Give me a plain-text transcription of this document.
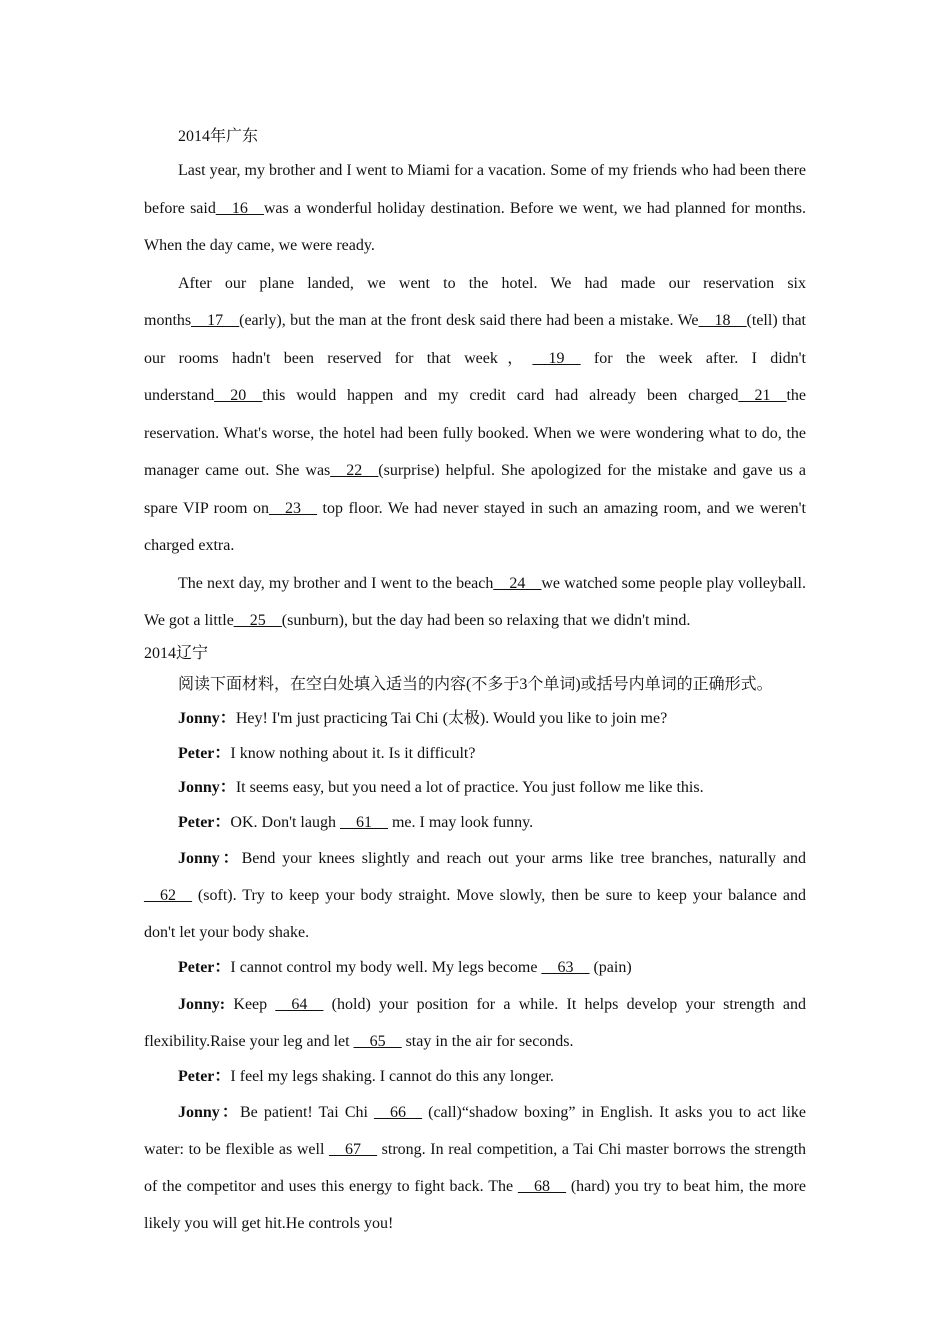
2014年广东

Last year, my brother and I went to Miami for a vacation. Some of my friends who had been there before said__16__was a wonderful holiday destination. Before we went, we had planned for months. When the day came, we were ready.

After our plane landed, we went to the hotel. We had made our reservation six months__17__(early), but the man at the front desk said there had been a mistake. We__18__(tell) that our rooms hadn't been reserved for that week，__19__ for the week after. I didn't understand__20__this would happen and my credit card had already been charged__21__the reservation. What's worse, the hotel had been fully booked. When we were wondering what to do, the manager came out. She was__22__(surprise) helpful. She apologized for the mistake and gave us a spare VIP room on__23__ top floor. We had never stayed in such an amazing room, and we weren't charged extra.

The next day, my brother and I went to the beach__24__we watched some people play volleyball. We got a little__25__(sunburn), but the day had been so relaxing that we didn't mind.

2014辽宁

阅读下面材料，在空白处填入适当的内容(不多于3个单词)或括号内单词的正确形式。

Jonny：Hey! I'm just practicing Tai Chi (太极). Would you like to join me?

Peter：I know nothing about it. Is it difficult?

Jonny：It seems easy, but you need a lot of practice. You just follow me like this.

Peter：OK. Don't laugh __61__ me. I may look funny.

Jonny：Bend your knees slightly and reach out your arms like tree branches, naturally and __62__ (soft). Try to keep your body straight. Move slowly, then be sure to keep your balance and don't let your body shake.

Peter：I cannot control my body well. My legs become __63__ (pain)

Jonny: Keep __64__ (hold) your position for a while. It helps develop your strength and flexibility.Raise your leg and let __65__ stay in the air for seconds.

Peter：I feel my legs shaking. I cannot do this any longer.

Jonny：Be patient! Tai Chi __66__ (call)“shadow boxing” in English. It asks you to act like water: to be flexible as well __67__ strong. In real competition, a Tai Chi master borrows the strength of the competitor and uses this energy to fight back. The __68__ (hard) you try to beat him, the more likely you will get hit.He controls you!
